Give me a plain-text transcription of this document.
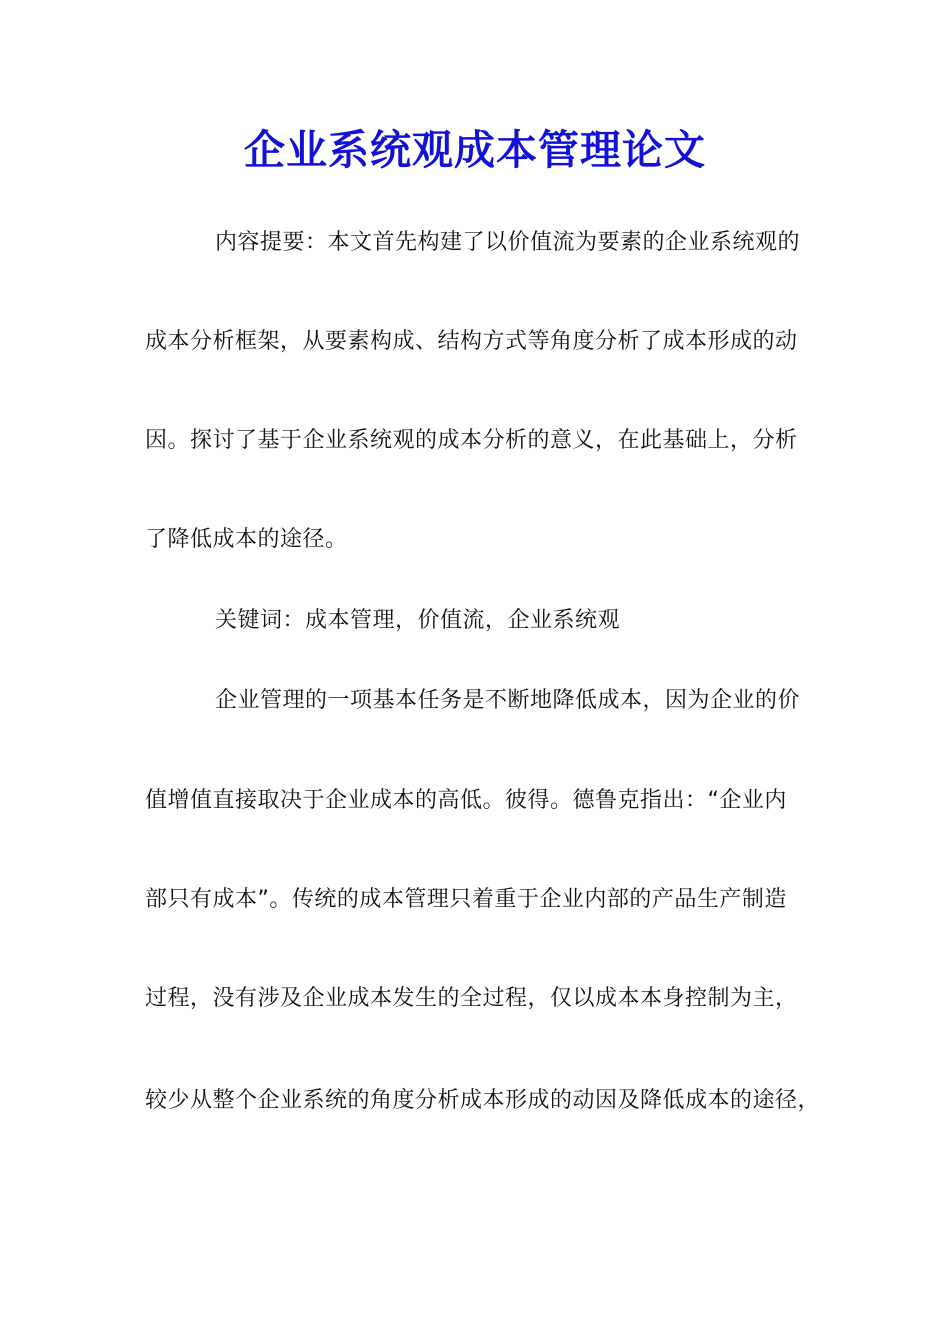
企业系统观成本管理论文
内容提要：本文首先构建了以价值流为要素的企业系统观的
成本分析框架，从要素构成、结构方式等角度分析了成本形成的动
因。探讨了基于企业系统观的成本分析的意义，在此基础上，分析
了降低成本的途径。
关键词：成本管理，价值流，企业系统观
企业管理的一项基本任务是不断地降低成本，因为企业的价
值增值直接取决于企业成本的高低。彼得。德鲁克指出：“企业内
部只有成本”。传统的成本管理只着重于企业内部的产品生产制造
过程，没有涉及企业成本发生的全过程，仅以成本本身控制为主，
较少从整个企业系统的角度分析成本形成的动因及降低成本的途径，
